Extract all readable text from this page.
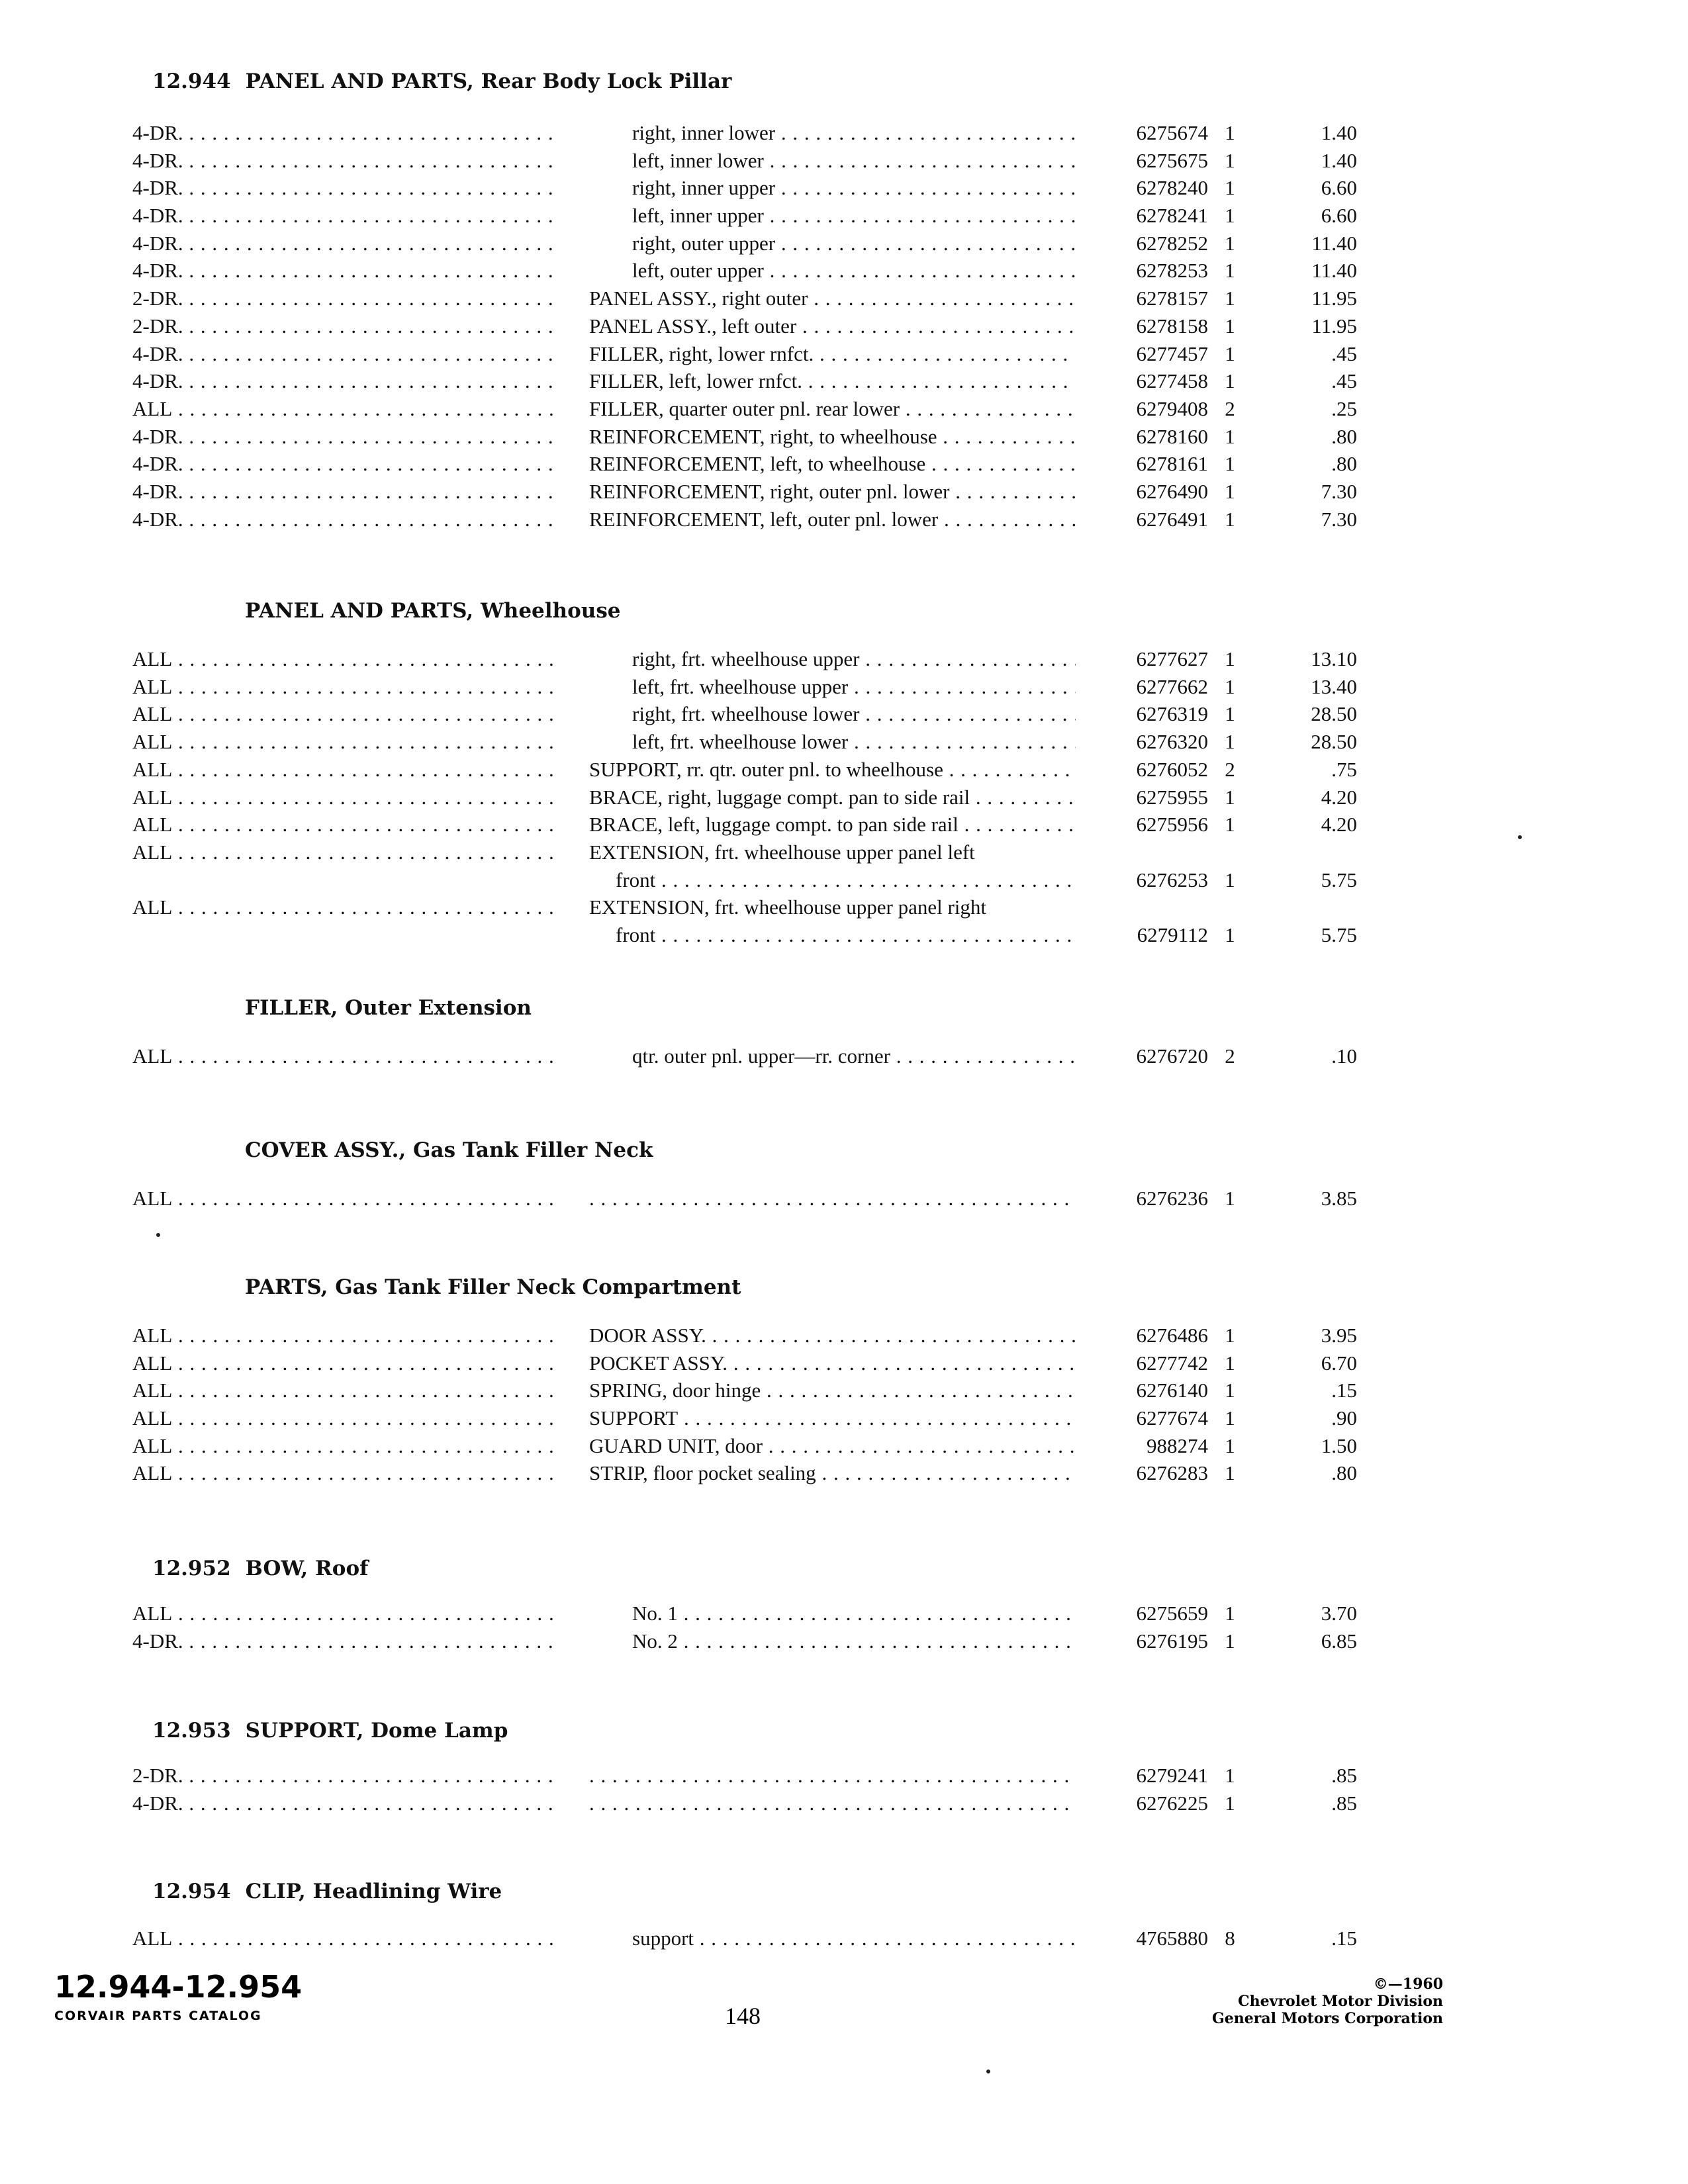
12.944 PANEL AND PARTS, Rear Body Lock Pillar
4-DR. . . .	right, inner lower . . .	6275674 1	1.40
4-DR. . . .	left, inner lower . . .	6275675 1	1.40
4-DR. . . .	right, inner upper . . .	6278240 1	6.60
4-DR. . . .	left, inner upper . . .	6278241 1	6.60
4-DR. . . .	right, outer upper . . .	6278252 1	11.40
4-DR. . . .	left, outer upper . . .	6278253 1	11.40
2-DR. . . .	PANEL ASSY., right outer . . .	6278157 1	11.95
2-DR. . . .	PANEL ASSY., left outer . . .	6278158 1	11.95
4-DR. . . .	FILLER, right, lower rnfct. . . .	6277457 1	.45
4-DR. . . .	FILLER, left, lower rnfct. . . .	6277458 1	.45
ALL . . .	FILLER, quarter outer pnl. rear lower . . .	6279408 2	.25
4-DR. . . .	REINFORCEMENT, right, to wheelhouse . . .	6278160 1	.80
4-DR. . . .	REINFORCEMENT, left, to wheelhouse . . .	6278161 1	.80
4-DR. . . .	REINFORCEMENT, right, outer pnl. lower . . .	6276490 1	7.30
4-DR. . . .	REINFORCEMENT, left, outer pnl. lower . . .	6276491 1	7.30
PANEL AND PARTS, Wheelhouse
ALL . . .	right, frt. wheelhouse upper . . .	6277627 1	13.10
ALL . . .	left, frt. wheelhouse upper . . .	6277662 1	13.40
ALL . . .	right, frt. wheelhouse lower . . .	6276319 1	28.50
ALL . . .	left, frt. wheelhouse lower . . .	6276320 1	28.50
ALL . . .	SUPPORT, rr. qtr. outer pnl. to wheelhouse . . .	6276052 2	.75
ALL . . .	BRACE, right, luggage compt. pan to side rail . . .	6275955 1	4.20
ALL . . .	BRACE, left, luggage compt. to pan side rail . . .	6275956 1	4.20
ALL . . .	EXTENSION, frt. wheelhouse upper panel left
front . . .	6276253 1	5.75
ALL . . .	EXTENSION, frt. wheelhouse upper panel right
front . . .	6279112 1	5.75
FILLER, Outer Extension
ALL . . .	qtr. outer pnl. upper—rr. corner . . .	6276720 2	.10
COVER ASSY., Gas Tank Filler Neck
ALL . . . . . .	6276236 1	3.85
PARTS, Gas Tank Filler Neck Compartment
ALL . . .	DOOR ASSY. . . .	6276486 1	3.95
ALL . . .	POCKET ASSY. . . .	6277742 1	6.70
ALL . . .	SPRING, door hinge . . .	6276140 1	.15
ALL . . .	SUPPORT . . .	6277674 1	.90
ALL . . .	GUARD UNIT, door . . .	988274 1	1.50
ALL . . .	STRIP, floor pocket sealing . . .	6276283 1	.80
12.952 BOW, Roof
ALL . . .	No. 1 . . .	6275659 1	3.70
4-DR. . . .	No. 2 . . .	6276195 1	6.85
12.953 SUPPORT, Dome Lamp
2-DR. . . . . . .	6279241 1	.85
4-DR. . . . . . .	6276225 1	.85
12.954 CLIP, Headlining Wire
ALL . . .	support . . .	4765880 8	.15
12.944-12.954
CORVAIR PARTS CATALOG	148
©—1960
Chevrolet Motor Division
General Motors Corporation
